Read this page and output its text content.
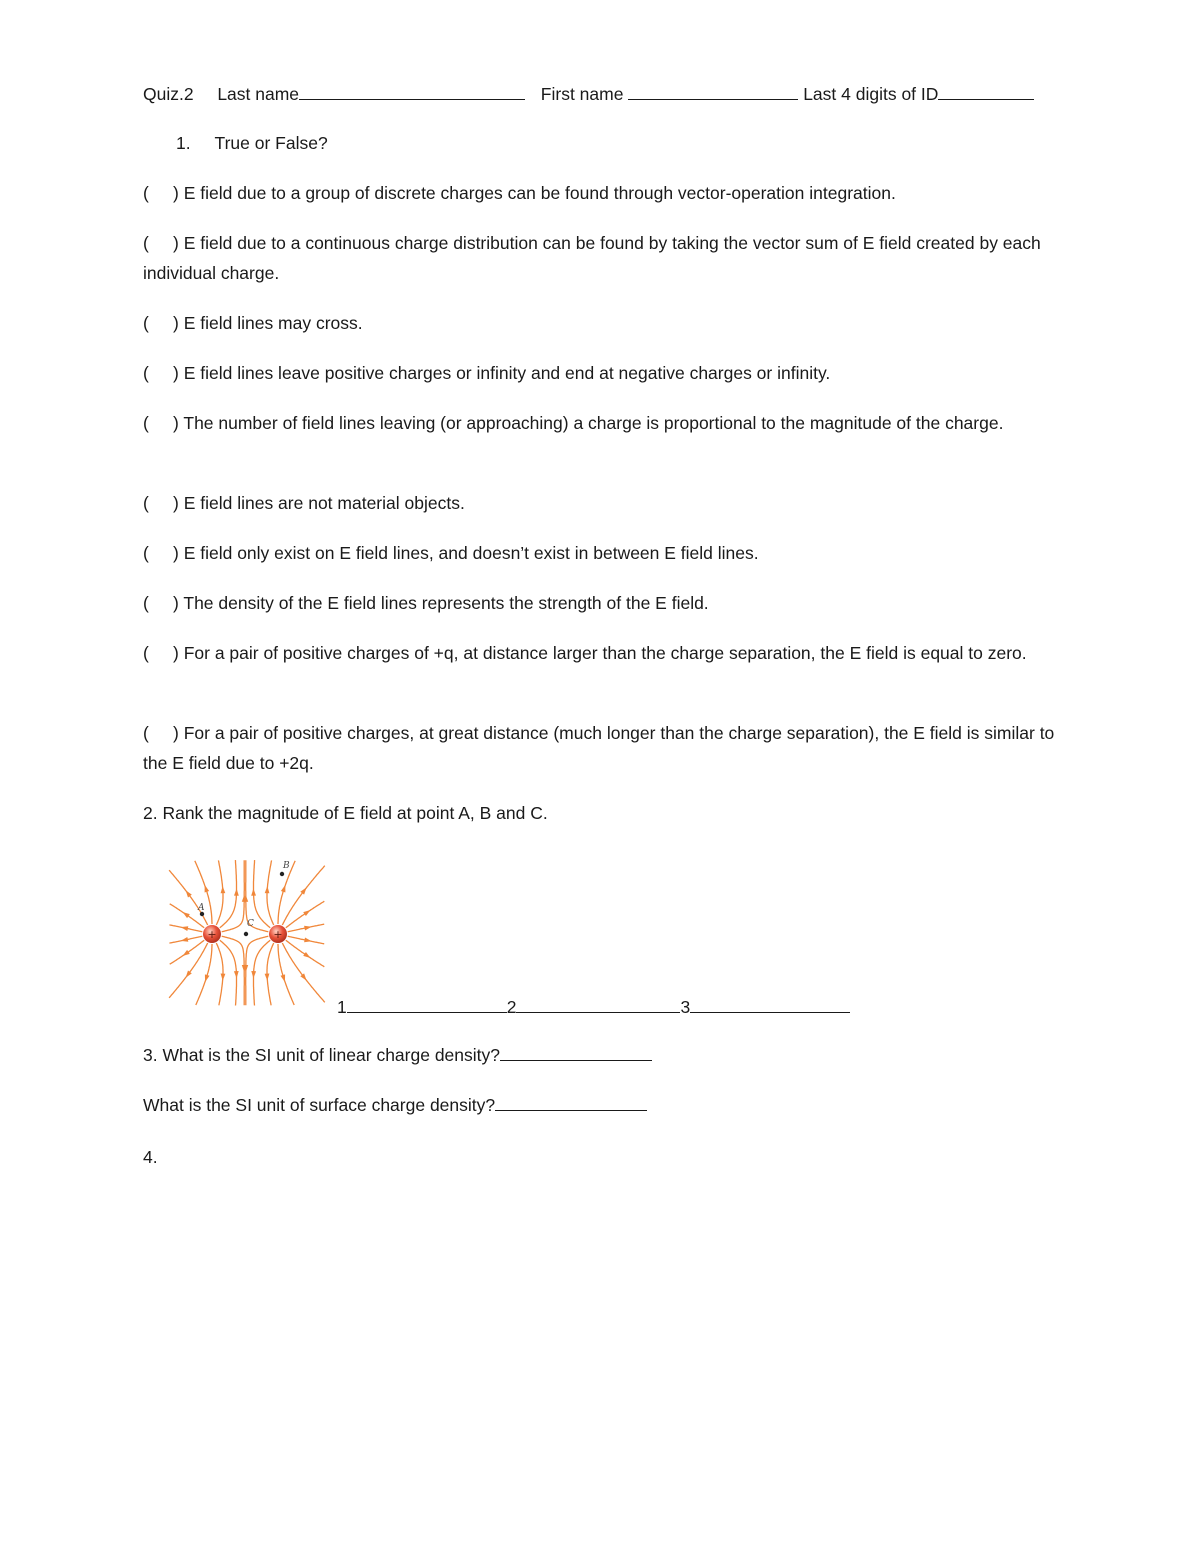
Quiz.2 Last name	First name	Last 4 digits of ID
1. True or False?
( ) E field due to a group of discrete charges can be found through vector-operation integration.
( ) E field due to a continuous charge distribution can be found by taking the vector sum of E field created by each individual charge.
( ) E field lines may cross.
( ) E field lines leave positive charges or infinity and end at negative charges or infinity.
( ) The number of field lines leaving (or approaching) a charge is proportional to the magnitude of the charge.
( ) E field lines are not material objects.
( ) E field only exist on E field lines, and doesn’t exist in between E field lines.
( ) The density of the E field lines represents the strength of the E field.
( ) For a pair of positive charges of +q, at distance larger than the charge separation, the E field is equal to zero.
( ) For a pair of positive charges, at great distance (much longer than the charge separation), the E field is similar to the E field due to +2q.
2. Rank the magnitude of E field at point A, B and C.
+	+
A
B
C
1	2	3
3. What is the SI unit of linear charge density?
What is the SI unit of surface charge density?
4.
